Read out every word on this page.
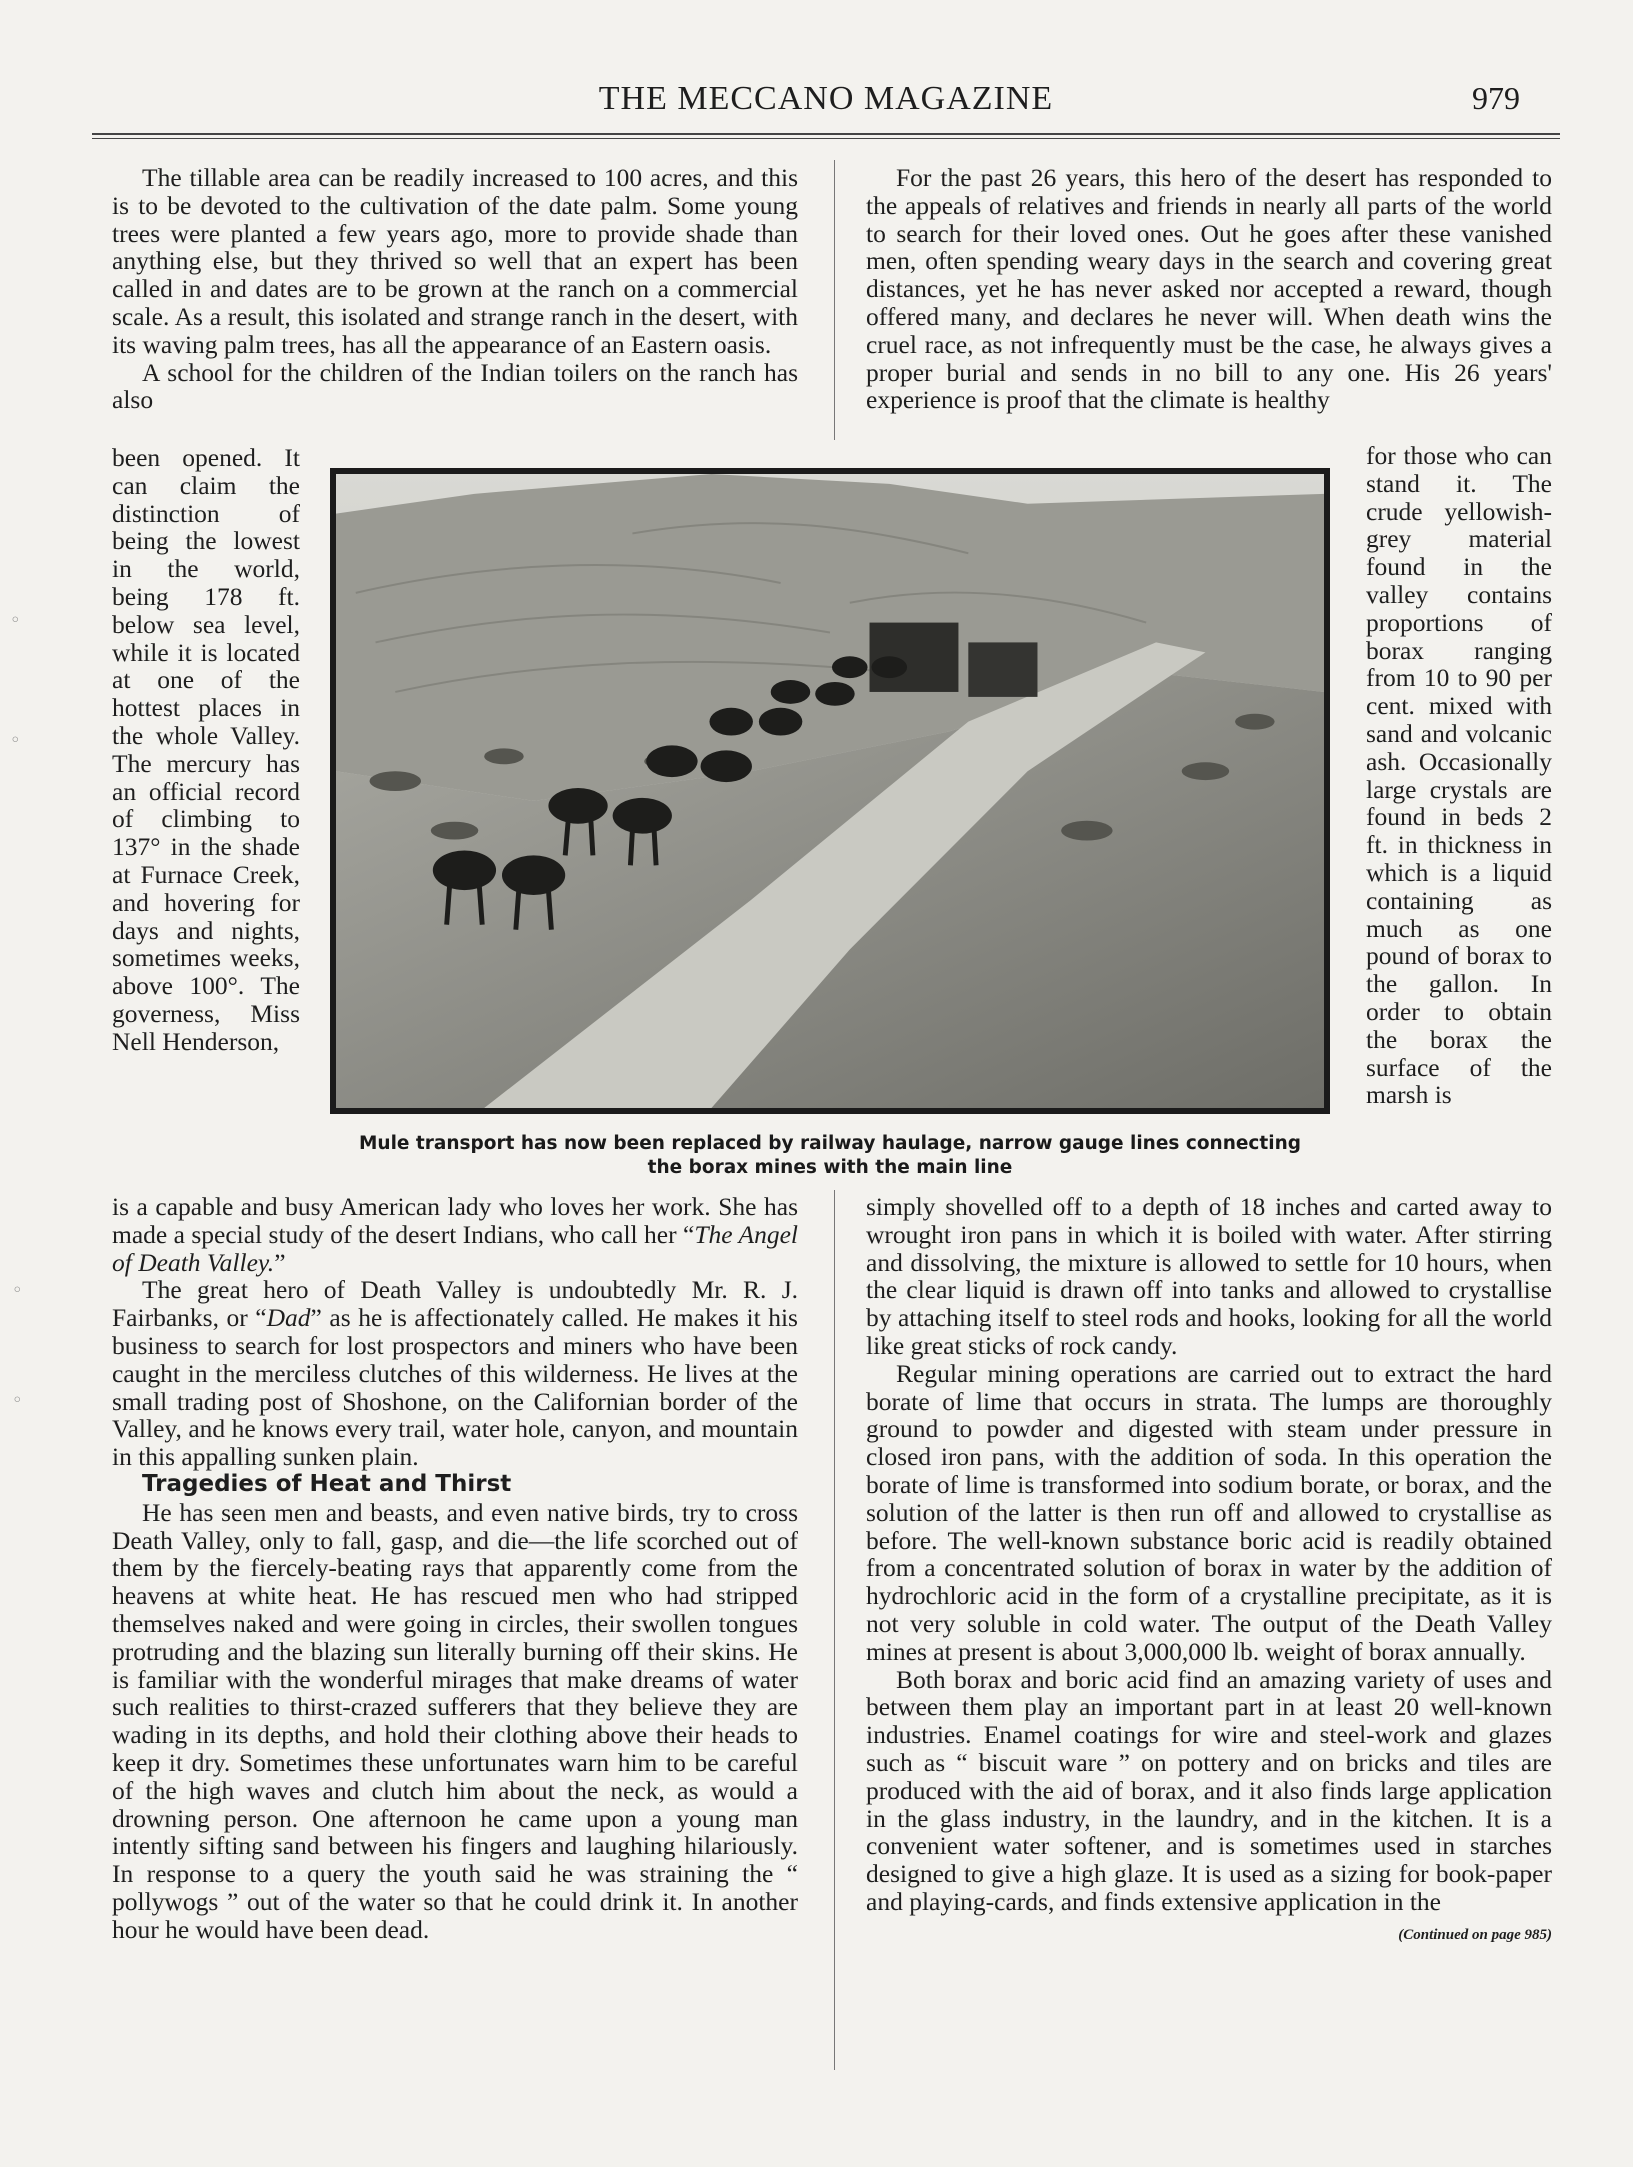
THE MECCANO MAGAZINE	979

The tillable area can be readily increased to 100 acres, and this is to be devoted to the cultivation of the date palm. Some young trees were planted a few years ago, more to provide shade than anything else, but they thrived so well that an expert has been called in and dates are to be grown at the ranch on a commercial scale. As a result, this isolated and strange ranch in the desert, with its waving palm trees, has all the appearance of an Eastern oasis.

A school for the children of the Indian toilers on the ranch has also

For the past 26 years, this hero of the desert has responded to the appeals of relatives and friends in nearly all parts of the world to search for their loved ones. Out he goes after these vanished men, often spending weary days in the search and covering great distances, yet he has never asked nor accepted a reward, though offered many, and declares he never will. When death wins the cruel race, as not infrequently must be the case, he always gives a proper burial and sends in no bill to any one. His 26 years' experience is proof that the climate is healthy

been opened. It can claim the distinction of being the lowest in the world, being 178 ft. below sea level, while it is located at one of the hottest places in the whole Valley. The mercury has an official record of climbing to 137° in the shade at Furnace Creek, and hovering for days and nights, sometimes weeks, above 100°. The governess, Miss Nell Henderson,
for those who can stand it. The crude yellowish-grey material found in the valley contains proportions of borax ranging from 10 to 90 per cent. mixed with sand and volcanic ash. Occasionally large crystals are found in beds 2 ft. in thickness in which is a liquid containing as much as one pound of borax to the gallon. In order to obtain the borax the surface of the marsh is
Mule transport has now been replaced by railway haulage, narrow gauge lines connecting
the borax mines with the main line

is a capable and busy American lady who loves her work. She has made a special study of the desert Indians, who call her “The Angel of Death Valley.”

The great hero of Death Valley is undoubtedly Mr. R. J. Fairbanks, or “Dad” as he is affectionately called. He makes it his business to search for lost prospectors and miners who have been caught in the merciless clutches of this wilderness. He lives at the small trading post of Shoshone, on the Californian border of the Valley, and he knows every trail, water hole, canyon, and mountain in this appalling sunken plain.

Tragedies of Heat and Thirst

He has seen men and beasts, and even native birds, try to cross Death Valley, only to fall, gasp, and die—the life scorched out of them by the fiercely-beating rays that apparently come from the heavens at white heat. He has rescued men who had stripped themselves naked and were going in circles, their swollen tongues protruding and the blazing sun literally burning off their skins. He is familiar with the wonderful mirages that make dreams of water such realities to thirst-crazed sufferers that they believe they are wading in its depths, and hold their clothing above their heads to keep it dry. Sometimes these unfortunates warn him to be careful of the high waves and clutch him about the neck, as would a drowning person. One afternoon he came upon a young man intently sifting sand between his fingers and laughing hilariously. In response to a query the youth said he was straining the “ pollywogs ” out of the water so that he could drink it. In another hour he would have been dead.

simply shovelled off to a depth of 18 inches and carted away to wrought iron pans in which it is boiled with water. After stirring and dissolving, the mixture is allowed to settle for 10 hours, when the clear liquid is drawn off into tanks and allowed to crystallise by attaching itself to steel rods and hooks, looking for all the world like great sticks of rock candy.

Regular mining operations are carried out to extract the hard borate of lime that occurs in strata. The lumps are thoroughly ground to powder and digested with steam under pressure in closed iron pans, with the addition of soda. In this operation the borate of lime is transformed into sodium borate, or borax, and the solution of the latter is then run off and allowed to crystallise as before. The well-known substance boric acid is readily obtained from a concentrated solution of borax in water by the addition of hydrochloric acid in the form of a crystalline precipitate, as it is not very soluble in cold water. The output of the Death Valley mines at present is about 3,000,000 lb. weight of borax annually.

Both borax and boric acid find an amazing variety of uses and between them play an important part in at least 20 well-known industries. Enamel coatings for wire and steel-work and glazes such as “ biscuit ware ” on pottery and on bricks and tiles are produced with the aid of borax, and it also finds large application in the glass industry, in the laundry, and in the kitchen. It is a convenient water softener, and is sometimes used in starches designed to give a high glaze. It is used as a sizing for book-paper and playing-cards, and finds extensive application in the
(Continued on page 985)

◦
◦
◦
◦
